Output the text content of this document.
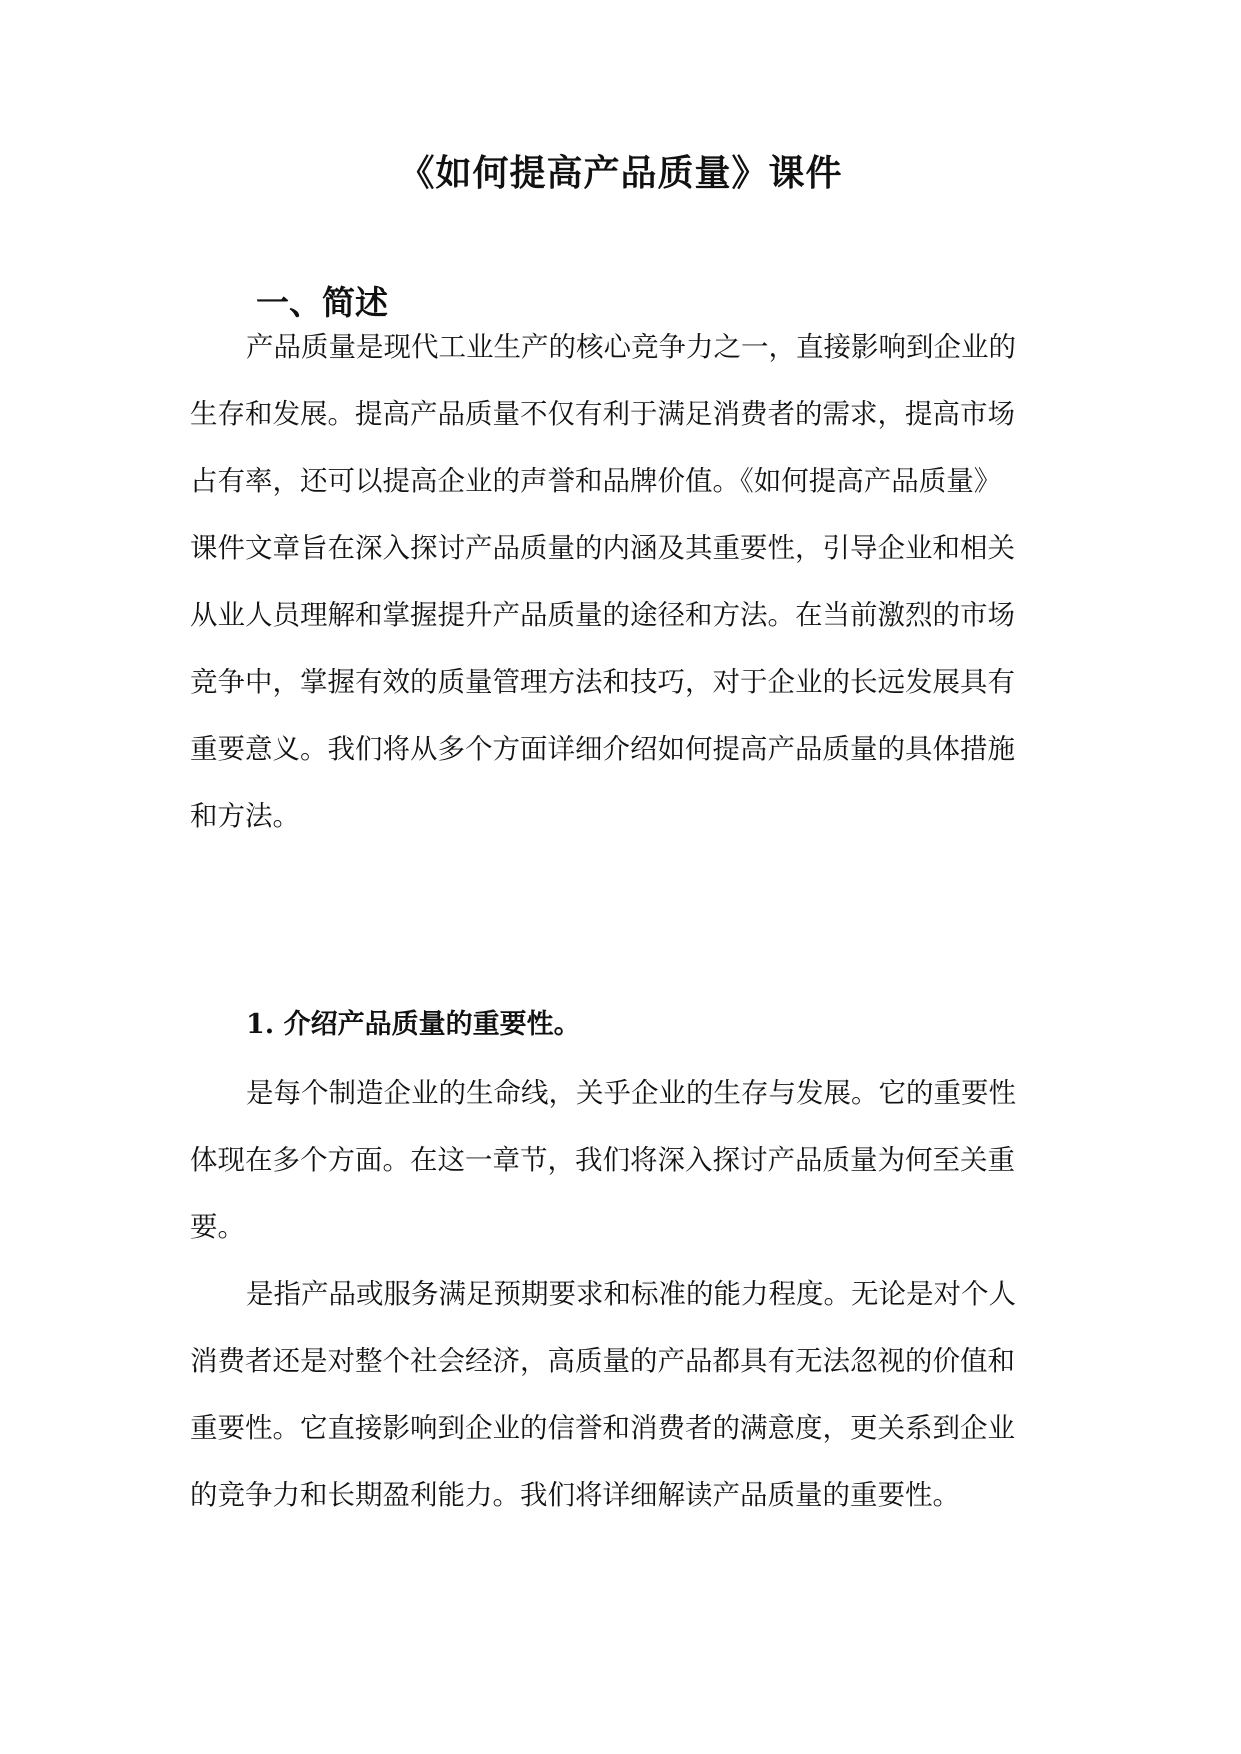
《如何提高产品质量》课件
一、简述
产品质量是现代工业生产的核心竞争力之一，直接影响到企业的
生存和发展。提高产品质量不仅有利于满足消费者的需求，提高市场
占有率，还可以提高企业的声誉和品牌价值。《如何提高产品质量》
课件文章旨在深入探讨产品质量的内涵及其重要性，引导企业和相关
从业人员理解和掌握提升产品质量的途径和方法。在当前激烈的市场
竞争中，掌握有效的质量管理方法和技巧，对于企业的长远发展具有
重要意义。我们将从多个方面详细介绍如何提高产品质量的具体措施
和方法。
1. 介绍产品质量的重要性。
是每个制造企业的生命线，关乎企业的生存与发展。它的重要性
体现在多个方面。在这一章节，我们将深入探讨产品质量为何至关重
要。
是指产品或服务满足预期要求和标准的能力程度。无论是对个人
消费者还是对整个社会经济，高质量的产品都具有无法忽视的价值和
重要性。它直接影响到企业的信誉和消费者的满意度，更关系到企业
的竞争力和长期盈利能力。我们将详细解读产品质量的重要性。
